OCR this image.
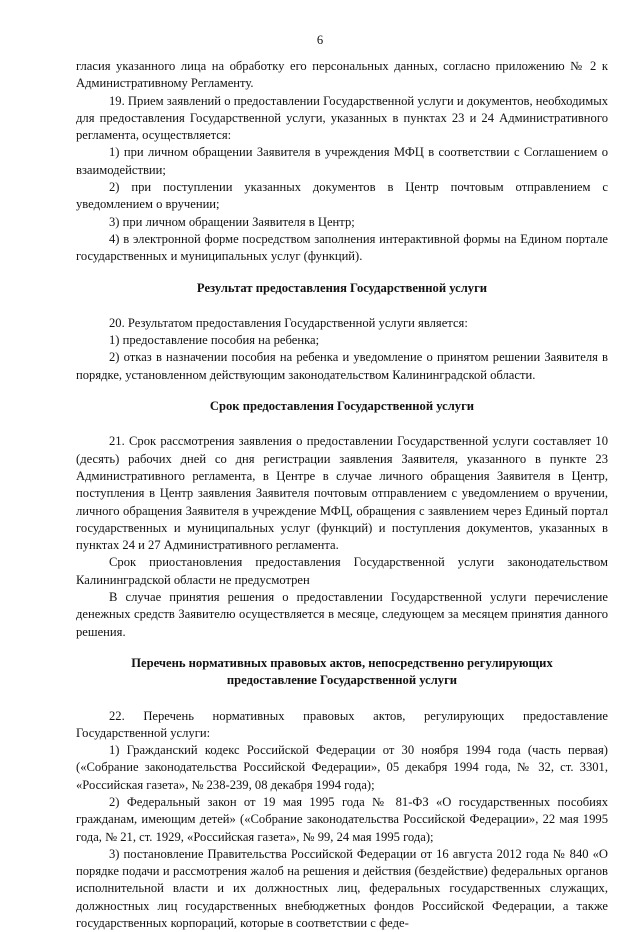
6

гласия указанного лица на обработку его персональных данных, согласно приложению № 2 к Административному Регламенту.

19. Прием заявлений о предоставлении Государственной услуги и документов, необходимых для предоставления Государственной услуги, указанных в пунктах 23 и 24 Административного регламента, осуществляется:

1) при личном обращении Заявителя в учреждения МФЦ в соответствии с Соглашением о взаимодействии;

2) при поступлении указанных документов в Центр почтовым отправлением с уведомлением о вручении;

3) при личном обращении Заявителя в Центр;

4) в электронной форме посредством заполнения интерактивной формы на Едином портале государственных и муниципальных услуг (функций).

Результат предоставления Государственной услуги

20. Результатом предоставления Государственной услуги является:

1) предоставление пособия на ребенка;

2) отказ в назначении пособия на ребенка и уведомление о принятом решении Заявителя в порядке, установленном действующим законодательством Калининградской области.

Срок предоставления Государственной услуги

21. Срок рассмотрения заявления о предоставлении Государственной услуги составляет 10 (десять) рабочих дней со дня регистрации заявления Заявителя, указанного в пункте 23 Административного регламента, в Центре в случае личного обращения Заявителя в Центр, поступления в Центр заявления Заявителя почтовым отправлением с уведомлением о вручении, личного обращения Заявителя в учреждение МФЦ, обращения с заявлением через Единый портал государственных и муниципальных услуг (функций) и поступления документов, указанных в пунктах 24 и 27 Административного регламента.

Срок приостановления предоставления Государственной услуги законодательством Калининградской области не предусмотрен

В случае принятия решения о предоставлении Государственной услуги перечисление денежных средств Заявителю осуществляется в месяце, следующем за месяцем принятия данного решения.

Перечень нормативных правовых актов, непосредственно регулирующих

предоставление Государственной услуги

22. Перечень нормативных правовых актов, регулирующих предоставление Государственной услуги:

1) Гражданский кодекс Российской Федерации от 30 ноября 1994 года (часть первая) («Собрание законодательства Российской Федерации», 05 декабря 1994 года, № 32, ст. 3301, «Российская газета», № 238-239, 08 декабря 1994 года);

2) Федеральный закон от 19 мая 1995 года № 81-ФЗ «О государственных пособиях гражданам, имеющим детей» («Собрание законодательства Российской Федерации», 22 мая 1995 года, № 21, ст. 1929, «Российская газета», № 99, 24 мая 1995 года);

3) постановление Правительства Российской Федерации от 16 августа 2012 года № 840 «О порядке подачи и рассмотрения жалоб на решения и действия (бездействие) федеральных органов исполнительной власти и их должностных лиц, федеральных государственных служащих, должностных лиц государственных внебюджетных фондов Российской Федерации, а также государственных корпораций, которые в соответствии с феде-
